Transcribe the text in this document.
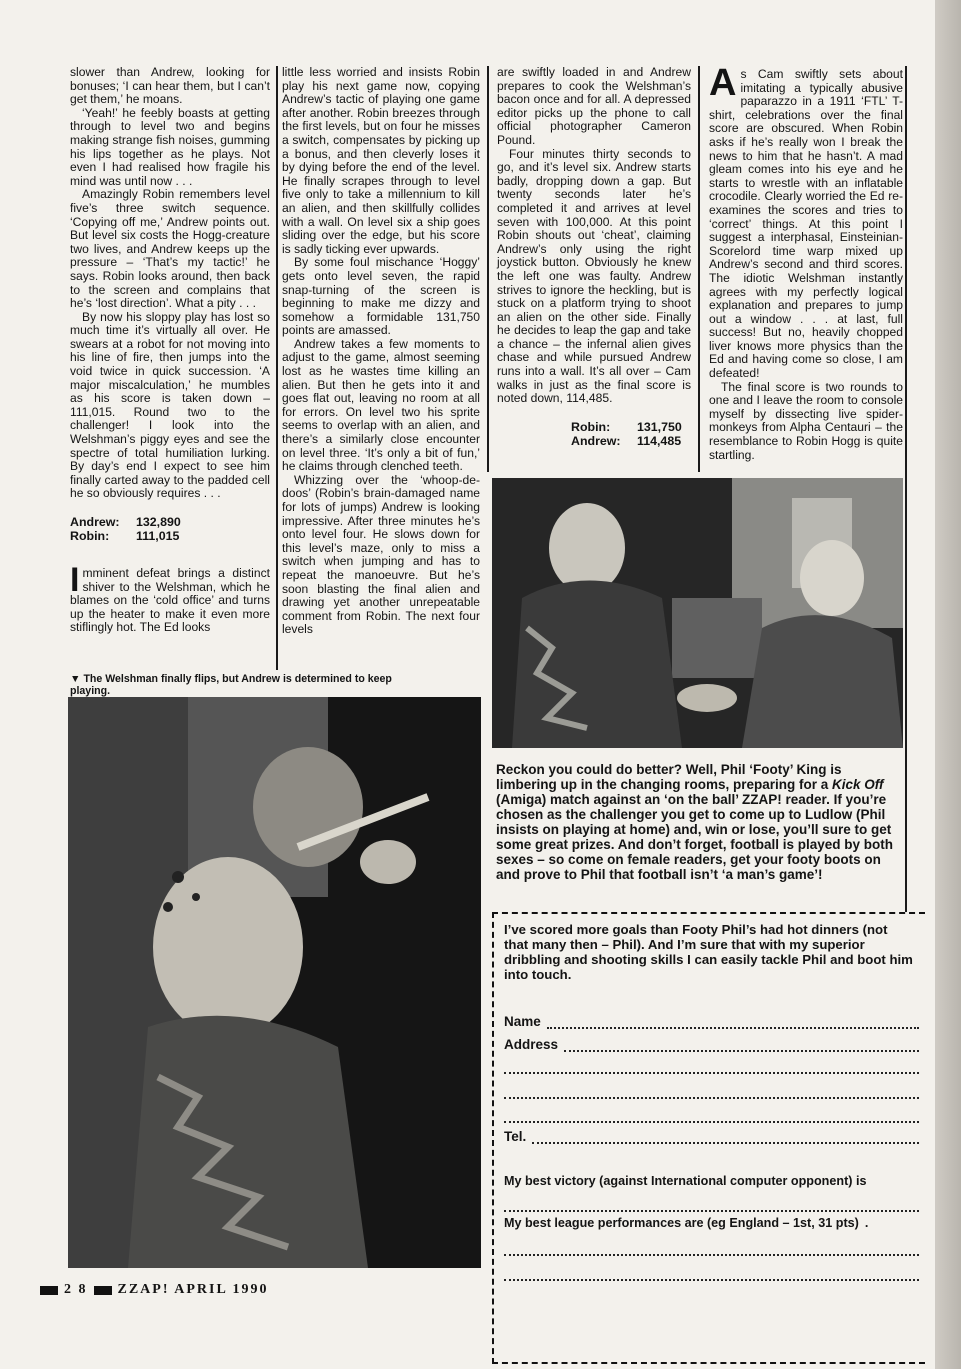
slower than Andrew, looking for bonuses; ‘I can hear them, but I can’t get them,’ he moans.

‘Yeah!’ he feebly boasts at getting through to level two and begins making strange fish noises, gumming his lips together as he plays. Not even I had realised how fragile his mind was until now . . .

Amazingly Robin remembers level five’s three switch sequence. ‘Copying off me,’ Andrew points out. But level six costs the Hogg-creature two lives, and Andrew keeps up the pressure – ‘That’s my tactic!’ he says. Robin looks around, then back to the screen and complains that he’s ‘lost direction’. What a pity . . .

By now his sloppy play has lost so much time it’s virtually all over. He swears at a robot for not moving into his line of fire, then jumps into the void twice in quick succession. ‘A major miscalculation,’ he mumbles as his score is taken down – 111,015. Round two to the challenger! I look into the Welshman’s piggy eyes and see the spectre of total humiliation lurking. By day’s end I expect to see him finally carted away to the padded cell he so obviously requires . . .

Andrew:	132,890
Robin:	111,015

Imminent defeat brings a distinct shiver to the Welshman, which he blames on the ‘cold office’ and turns up the heater to make it even more stiflingly hot. The Ed looks

little less worried and insists Robin play his next game now, copying Andrew’s tactic of playing one game after another. Robin breezes through the first levels, but on four he misses a switch, compensates by picking up a bonus, and then cleverly loses it by dying before the end of the level. He finally scrapes through to level five only to take a millennium to kill an alien, and then skillfully collides with a wall. On level six a ship goes sliding over the edge, but his score is sadly ticking ever upwards.

By some foul mischance ‘Hoggy’ gets onto level seven, the rapid snap-turning of the screen is beginning to make me dizzy and somehow a formidable 131,750 points are amassed.

Andrew takes a few moments to adjust to the game, almost seeming lost as he wastes time killing an alien. But then he gets into it and goes flat out, leaving no room at all for errors. On level two his sprite seems to overlap with an alien, and there’s a similarly close encounter on level three. ‘It’s only a bit of fun,’ he claims through clenched teeth.

Whizzing over the ‘whoop-de-doos’ (Robin’s brain-damaged name for lots of jumps) Andrew is looking impressive. After three minutes he’s onto level four. He slows down for this level’s maze, only to miss a switch when jumping and has to repeat the manoeuvre. But he’s soon blasting the final alien and drawing yet another unrepeatable comment from Robin. The next four levels

are swiftly loaded in and Andrew prepares to cook the Welshman’s bacon once and for all. A depressed editor picks up the phone to call official photographer Cameron Pound.

Four minutes thirty seconds to go, and it’s level six. Andrew starts badly, dropping down a gap. But twenty seconds later he’s completed it and arrives at level seven with 100,000. At this point Robin shouts out ‘cheat’, claiming Andrew’s only using the right joystick button. Obviously he knew the left one was faulty. Andrew strives to ignore the heckling, but is stuck on a platform trying to shoot an alien on the other side. Finally he decides to leap the gap and take a chance – the infernal alien gives chase and while pursued Andrew runs into a wall. It’s all over – Cam walks in just as the final score is noted down, 114,485.

Robin:	131,750
Andrew:	114,485

As Cam swiftly sets about imitating a typically abusive paparazzo in a 1911 ‘FTL’ T-shirt, celebrations over the final score are obscured. When Robin asks if he’s really won I break the news to him that he hasn’t. A mad gleam comes into his eye and he starts to wrestle with an inflatable crocodile. Clearly worried the Ed re-examines the scores and tries to ‘correct’ things. At this point I suggest a interphasal, Einsteinian-Scorelord time warp mixed up Andrew’s second and third scores. The idiotic Welshman instantly agrees with my perfectly logical explanation and prepares to jump out a window . . . at last, full success! But no, heavily chopped liver knows more physics than the Ed and having come so close, I am defeated!

The final score is two rounds to one and I leave the room to console myself by dissecting live spider-monkeys from Alpha Centauri – the resemblance to Robin Hogg is quite startling.

▼ The Welshman finally flips, but Andrew is determined to keep playing.
Reckon you could do better? Well, Phil ‘Footy’ King is limbering up in the changing rooms, preparing for a Kick Off (Amiga) match against an ‘on the ball’ ZZAP! reader. If you’re chosen as the challenger you get to come up to Ludlow (Phil insists on playing at home) and, win or lose, you’ll sure to get some great prizes. And don’t forget, football is played by both sexes – so come on female readers, get your footy boots on and prove to Phil that football isn’t ‘a man’s game’!
I’ve scored more goals than Footy Phil’s had hot dinners (not that many then – Phil). And I’m sure that with my superior dribbling and shooting skills I can easily tackle Phil and boot him into touch.
Name
Address
Tel.
My best victory (against International computer opponent) is
My best league performances are (eg England – 1st, 31 pts) .
2 8 ZZAP! APRIL 1990
